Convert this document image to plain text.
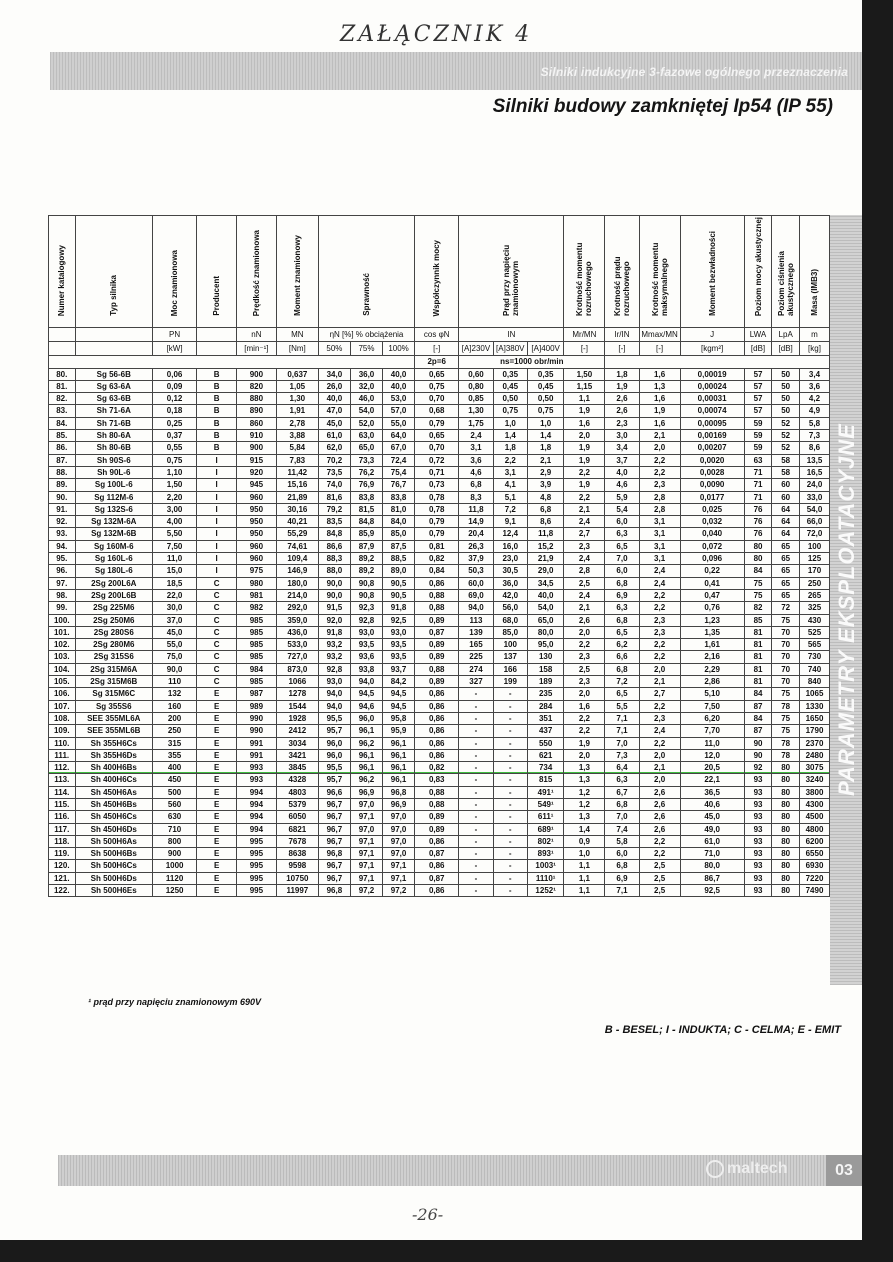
ZAŁĄCZNIK 4
Silniki indukcyjne 3-fazowe ogólnego przeznaczenia
Silniki budowy zamkniętej Ip54 (IP 55)
Numer katalogowy	Typ silnika	Moc znamionowa	Producent	Prędkość znamionowa	Moment znamionowy	Sprawność			Współczynnik mocy	Prąd przy napięciu znamionowym			Krotność momentu rozruchowego	Krotność prądu rozruchowego	Krotność momentu maksymalnego	Moment bezwładności	Poziom mocy akustycznej	Poziom ciśnienia akustycznego	Masa (IMB3)
		PN		nN	MN	ηN [%] % obciążenia			cos φN	IN			Mr/MN	Ir/IN	Mmax/MN	J	LWA	LpA	m
		[kW]		[min⁻¹]	[Nm]	50%	75%	100%	[-]	[A]230V	[A]380V	[A]400V	[-]	[-]	[-]	[kgm²]	[dB]	[dB]	[kg]
									2p=6	ns=1000 obr/min									
80.	Sg 56-6B	0,06	B	900	0,637	34,0	36,0	40,0	0,65	0,60	0,35	0,35	1,50	1,8	1,6	0,00019	57	50	3,4
81.	Sg 63-6A	0,09	B	820	1,05	26,0	32,0	40,0	0,75	0,80	0,45	0,45	1,15	1,9	1,3	0,00024	57	50	3,6
82.	Sg 63-6B	0,12	B	880	1,30	40,0	46,0	53,0	0,70	0,85	0,50	0,50	1,1	2,6	1,6	0,00031	57	50	4,2
83.	Sh 71-6A	0,18	B	890	1,91	47,0	54,0	57,0	0,68	1,30	0,75	0,75	1,9	2,6	1,9	0,00074	57	50	4,9
84.	Sh 71-6B	0,25	B	860	2,78	45,0	52,0	55,0	0,79	1,75	1,0	1,0	1,6	2,3	1,6	0,00095	59	52	5,8
85.	Sh 80-6A	0,37	B	910	3,88	61,0	63,0	64,0	0,65	2,4	1,4	1,4	2,0	3,0	2,1	0,00169	59	52	7,3
86.	Sh 80-6B	0,55	B	900	5,84	62,0	65,0	67,0	0,70	3,1	1,8	1,8	1,9	3,4	2,0	0,00207	59	52	8,6
87.	Sh 90S-6	0,75	I	915	7,83	70,2	73,3	72,4	0,72	3,6	2,2	2,1	1,9	3,7	2,2	0,0020	63	58	13,5
88.	Sh 90L-6	1,10	I	920	11,42	73,5	76,2	75,4	0,71	4,6	3,1	2,9	2,2	4,0	2,2	0,0028	71	58	16,5
89.	Sg 100L-6	1,50	I	945	15,16	74,0	76,9	76,7	0,73	6,8	4,1	3,9	1,9	4,6	2,3	0,0090	71	60	24,0
90.	Sg 112M-6	2,20	I	960	21,89	81,6	83,8	83,8	0,78	8,3	5,1	4,8	2,2	5,9	2,8	0,0177	71	60	33,0
91.	Sg 132S-6	3,00	I	950	30,16	79,2	81,5	81,0	0,78	11,8	7,2	6,8	2,1	5,4	2,8	0,025	76	64	54,0
92.	Sg 132M-6A	4,00	I	950	40,21	83,5	84,8	84,0	0,79	14,9	9,1	8,6	2,4	6,0	3,1	0,032	76	64	66,0
93.	Sg 132M-6B	5,50	I	950	55,29	84,8	85,9	85,0	0,79	20,4	12,4	11,8	2,7	6,3	3,1	0,040	76	64	72,0
94.	Sg 160M-6	7,50	I	960	74,61	86,6	87,9	87,5	0,81	26,3	16,0	15,2	2,3	6,5	3,1	0,072	80	65	100
95.	Sg 160L-6	11,0	I	960	109,4	88,3	89,2	88,5	0,82	37,9	23,0	21,9	2,4	7,0	3,1	0,096	80	65	125
96.	Sg 180L-6	15,0	I	975	146,9	88,0	89,2	89,0	0,84	50,3	30,5	29,0	2,8	6,0	2,4	0,22	84	65	170
97.	2Sg 200L6A	18,5	C	980	180,0	90,0	90,8	90,5	0,86	60,0	36,0	34,5	2,5	6,8	2,4	0,41	75	65	250
98.	2Sg 200L6B	22,0	C	981	214,0	90,0	90,8	90,5	0,88	69,0	42,0	40,0	2,4	6,9	2,2	0,47	75	65	265
99.	2Sg 225M6	30,0	C	982	292,0	91,5	92,3	91,8	0,88	94,0	56,0	54,0	2,1	6,3	2,2	0,76	82	72	325
100.	2Sg 250M6	37,0	C	985	359,0	92,0	92,8	92,5	0,89	113	68,0	65,0	2,6	6,8	2,3	1,23	85	75	430
101.	2Sg 280S6	45,0	C	985	436,0	91,8	93,0	93,0	0,87	139	85,0	80,0	2,0	6,5	2,3	1,35	81	70	525
102.	2Sg 280M6	55,0	C	985	533,0	93,2	93,5	93,5	0,89	165	100	95,0	2,2	6,2	2,2	1,61	81	70	565
103.	2Sg 315S6	75,0	C	985	727,0	93,2	93,6	93,5	0,89	225	137	130	2,3	6,6	2,2	2,16	81	70	730
104.	2Sg 315M6A	90,0	C	984	873,0	92,8	93,8	93,7	0,88	274	166	158	2,5	6,8	2,0	2,29	81	70	740
105.	2Sg 315M6B	110	C	985	1066	93,0	94,0	84,2	0,89	327	199	189	2,3	7,2	2,1	2,86	81	70	840
106.	Sg 315M6C	132	E	987	1278	94,0	94,5	94,5	0,86	-	-	235	2,0	6,5	2,7	5,10	84	75	1065
107.	Sg 355S6	160	E	989	1544	94,0	94,6	94,5	0,86	-	-	284	1,6	5,5	2,2	7,50	87	78	1330
108.	SEE 355ML6A	200	E	990	1928	95,5	96,0	95,8	0,86	-	-	351	2,2	7,1	2,3	6,20	84	75	1650
109.	SEE 355ML6B	250	E	990	2412	95,7	96,1	95,9	0,86	-	-	437	2,2	7,1	2,4	7,70	87	75	1790
110.	Sh 355H6Cs	315	E	991	3034	96,0	96,2	96,1	0,86	-	-	550	1,9	7,0	2,2	11,0	90	78	2370
111.	Sh 355H6Ds	355	E	991	3421	96,0	96,1	96,1	0,86	-	-	621	2,0	7,3	2,0	12,0	90	78	2480
112.	Sh 400H6Bs	400	E	993	3845	95,5	96,1	96,1	0,82	-	-	734	1,3	6,4	2,1	20,5	92	80	3075
113.	Sh 400H6Cs	450	E	993	4328	95,7	96,2	96,1	0,83	-	-	815	1,3	6,3	2,0	22,1	93	80	3240
114.	Sh 450H6As	500	E	994	4803	96,6	96,9	96,8	0,88	-	-	491¹	1,2	6,7	2,6	36,5	93	80	3800
115.	Sh 450H6Bs	560	E	994	5379	96,7	97,0	96,9	0,88	-	-	549¹	1,2	6,8	2,6	40,6	93	80	4300
116.	Sh 450H6Cs	630	E	994	6050	96,7	97,1	97,0	0,89	-	-	611¹	1,3	7,0	2,6	45,0	93	80	4500
117.	Sh 450H6Ds	710	E	994	6821	96,7	97,0	97,0	0,89	-	-	689¹	1,4	7,4	2,6	49,0	93	80	4800
118.	Sh 500H6As	800	E	995	7678	96,7	97,1	97,0	0,86	-	-	802¹	0,9	5,8	2,2	61,0	93	80	6200
119.	Sh 500H6Bs	900	E	995	8638	96,8	97,1	97,0	0,87	-	-	893¹	1,0	6,0	2,2	71,0	93	80	6550
120.	Sh 500H6Cs	1000	E	995	9598	96,7	97,1	97,1	0,86	-	-	1003¹	1,1	6,8	2,5	80,0	93	80	6930
121.	Sh 500H6Ds	1120	E	995	10750	96,7	97,1	97,1	0,87	-	-	1110¹	1,1	6,9	2,5	86,7	93	80	7220
122.	Sh 500H6Es	1250	E	995	11997	96,8	97,2	97,2	0,86	-	-	1252¹	1,1	7,1	2,5	92,5	93	80	7490
PARAMETRY EKSPLOATACYJNE
¹ prąd przy napięciu znamionowym 690V
B - BESEL; I - INDUKTA; C - CELMA; E - EMIT
maltech	03
-26-
